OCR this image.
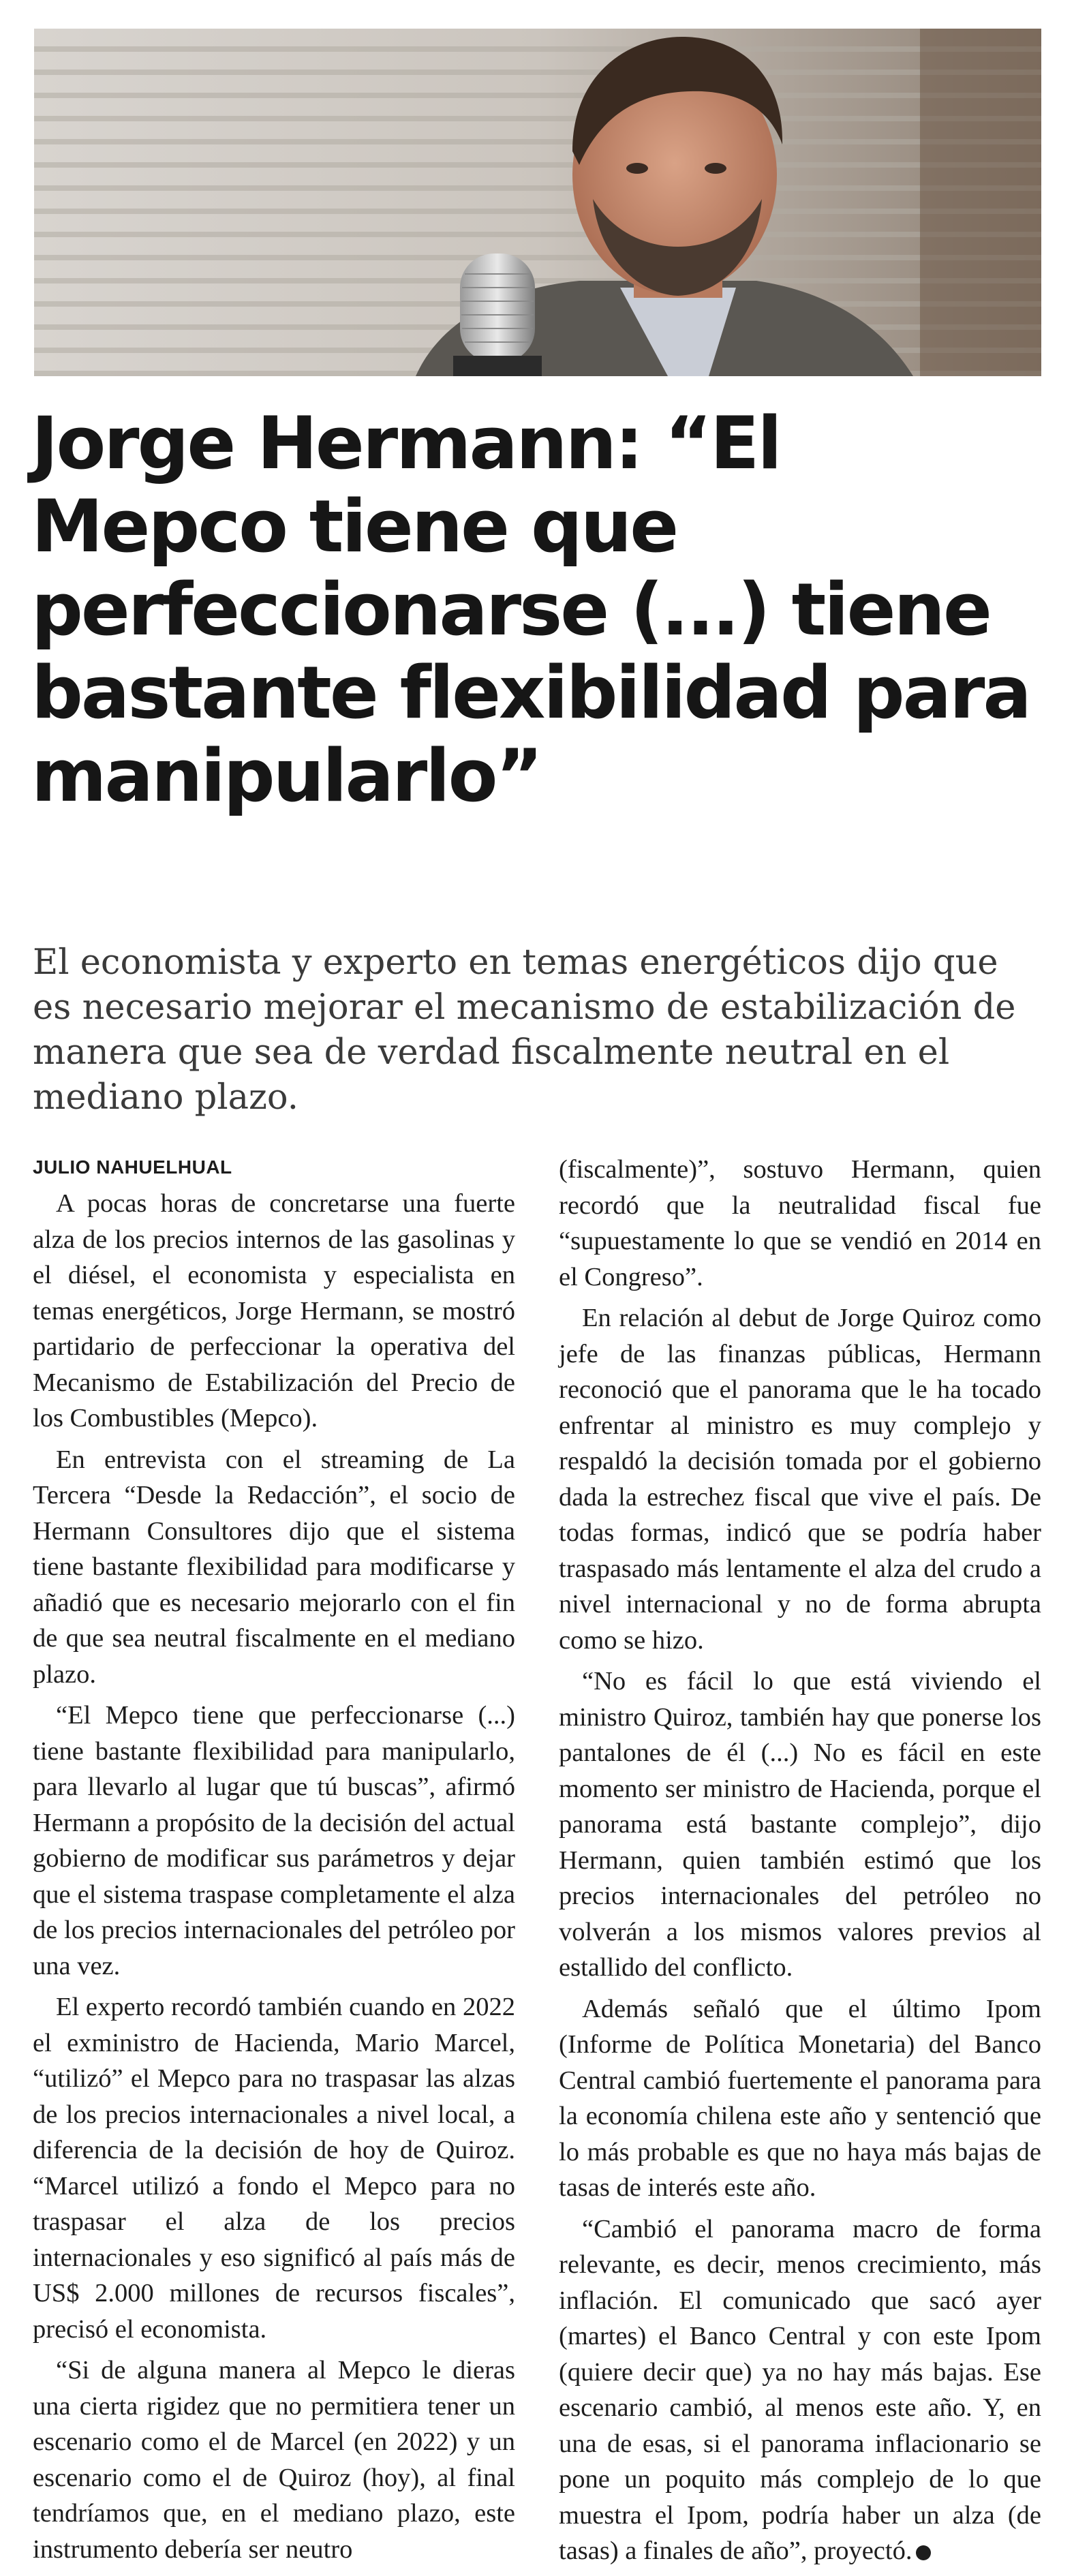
Jorge Hermann: “El Mepco tiene que perfeccionarse (...) tiene bastante flexibilidad para manipularlo”

El economista y experto en temas energéticos dijo que es necesario mejorar el mecanismo de estabilización de manera que sea de verdad fiscalmente neutral en el mediano plazo.

JULIO NAHUELHUAL

A pocas horas de concretarse una fuerte alza de los precios internos de las gasolinas y el diésel, el economista y especialista en temas energéticos, Jorge Hermann, se mostró partidario de perfeccionar la operativa del Mecanismo de Estabilización del Precio de los Combustibles (Mepco).

En entrevista con el streaming de La Tercera “Desde la Redacción”, el socio de Hermann Consultores dijo que el sistema tiene bastante flexibilidad para modificarse y añadió que es necesario mejorarlo con el fin de que sea neutral fiscalmente en el mediano plazo.

“El Mepco tiene que perfeccionarse (...) tiene bastante flexibilidad para manipularlo, para llevarlo al lugar que tú buscas”, afirmó Hermann a propósito de la decisión del actual gobierno de modificar sus parámetros y dejar que el sistema traspase completamente el alza de los precios internacionales del petróleo por una vez.

El experto recordó también cuando en 2022 el exministro de Hacienda, Mario Marcel, “utilizó” el Mepco para no traspasar las alzas de los precios internacionales a nivel local, a diferencia de la decisión de hoy de Quiroz. “Marcel utilizó a fondo el Mepco para no traspasar el alza de los precios internacionales y eso significó al país más de US$ 2.000 millones de recursos fiscales”, precisó el economista.

“Si de alguna manera al Mepco le dieras una cierta rigidez que no permitiera tener un escenario como el de Marcel (en 2022) y un escenario como el de Quiroz (hoy), al final tendríamos que, en el mediano plazo, este instrumento debería ser neutro

(fiscalmente)”, sostuvo Hermann, quien recordó que la neutralidad fiscal fue “supuestamente lo que se vendió en 2014 en el Congreso”.

En relación al debut de Jorge Quiroz como jefe de las finanzas públicas, Hermann reconoció que el panorama que le ha tocado enfrentar al ministro es muy complejo y respaldó la decisión tomada por el gobierno dada la estrechez fiscal que vive el país. De todas formas, indicó que se podría haber traspasado más lentamente el alza del crudo a nivel internacional y no de forma abrupta como se hizo.

“No es fácil lo que está viviendo el ministro Quiroz, también hay que ponerse los pantalones de él (...) No es fácil en este momento ser ministro de Hacienda, porque el panorama está bastante complejo”, dijo Hermann, quien también estimó que los precios internacionales del petróleo no volverán a los mismos valores previos al estallido del conflicto.

Además señaló que el último Ipom (Informe de Política Monetaria) del Banco Central cambió fuertemente el panorama para la economía chilena este año y sentenció que lo más probable es que no haya más bajas de tasas de interés este año.

“Cambió el panorama macro de forma relevante, es decir, menos crecimiento, más inflación. El comunicado que sacó ayer (martes) el Banco Central y con este Ipom (quiere decir que) ya no hay más bajas. Ese escenario cambió, al menos este año. Y, en una de esas, si el panorama inflacionario se pone un poquito más complejo de lo que muestra el Ipom, podría haber un alza (de tasas) a finales de año”, proyectó.	P
